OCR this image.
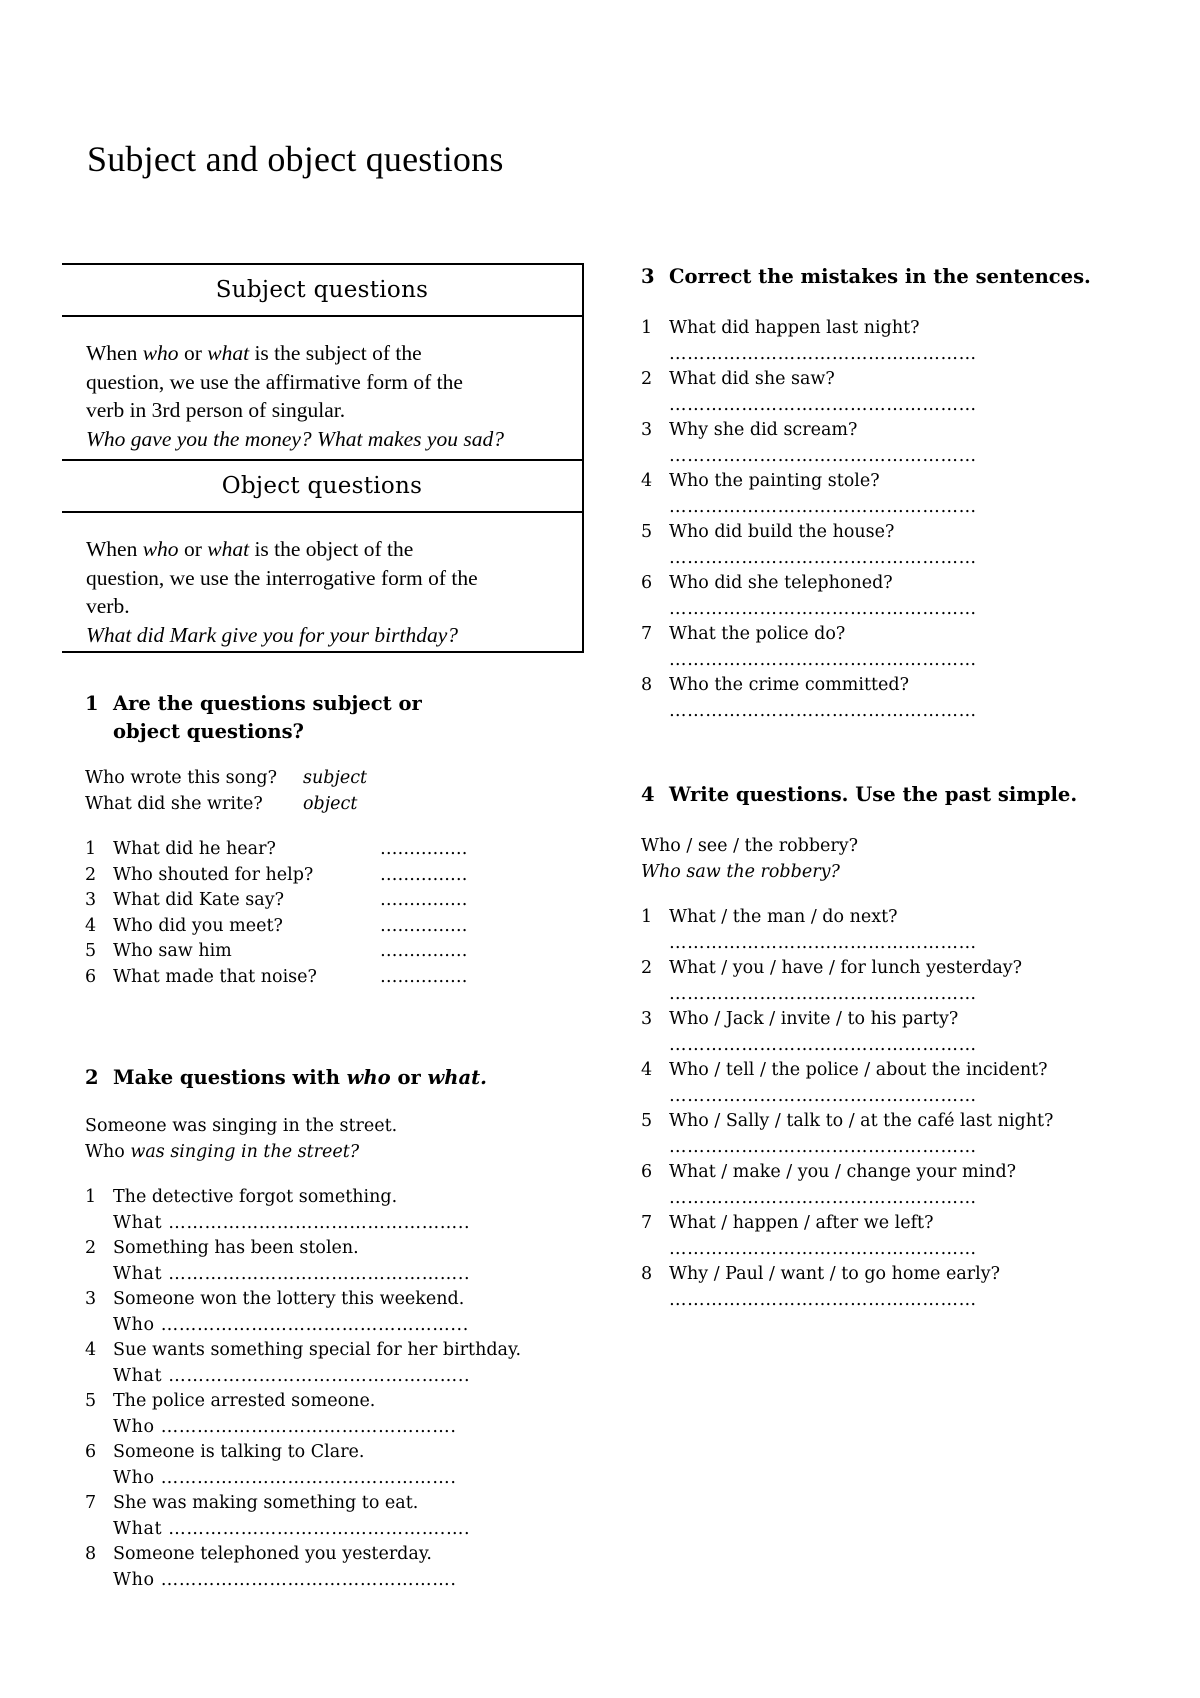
Subject and object questions
Subject questions
When who or what is the subject of the
question, we use the affirmative form of the
verb in 3rd person of singular.
Who gave you the money? What makes you sad?
Object questions
When who or what is the object of the
question, we use the interrogative form of the
verb.
What did Mark give you for your birthday?
1 Are the questions subject or
object questions?
Who wrote this song? subject
What did she write? object
1 What did he hear?	……………
2 Who shouted for help?	……………
3 What did Kate say?	……………
4 Who did you meet?	……………
5 Who saw him	……………
6 What made that noise?	……………
2 Make questions with who or what.
Someone was singing in the street.
Who was singing in the street?
1 The detective forgot something.
What …………………………………………..
2 Something has been stolen.
What …………………………………………..
3 Someone won the lottery this weekend.
Who …………………………………………...
4 Sue wants something special for her birthday.
What …………………………………………..
5 The police arrested someone.
Who ………………………………………….
6 Someone is talking to Clare.
Who ………………………………………….
7 She was making something to eat.
What ……………………………………….….
8 Someone telephoned you yesterday.
Who ………………………………………….
3 Correct the mistakes in the sentences.
1 What did happen last night?
……………………………………………
2 What did she saw?
……………………………………………
3 Why she did scream?
……………………………………………
4 Who the painting stole?
……………………………………………
5 Who did build the house?
……………………………………………
6 Who did she telephoned?
……………………………………………
7 What the police do?
……………………………………………
8 Who the crime committed?
……………………………………………
4 Write questions. Use the past simple.
Who / see / the robbery?
Who saw the robbery?
1 What / the man / do next?
……………………………………………
2 What / you / have / for lunch yesterday?
……………………………………………
3 Who / Jack / invite / to his party?
……………………………………………
4 Who / tell / the police / about the incident?
……………………………………………
5 Who / Sally / talk to / at the café last night?
……………………………………………
6 What / make / you / change your mind?
……………………………………………
7 What / happen / after we left?
……………………………………………
8 Why / Paul / want / to go home early?
……………………………………………
